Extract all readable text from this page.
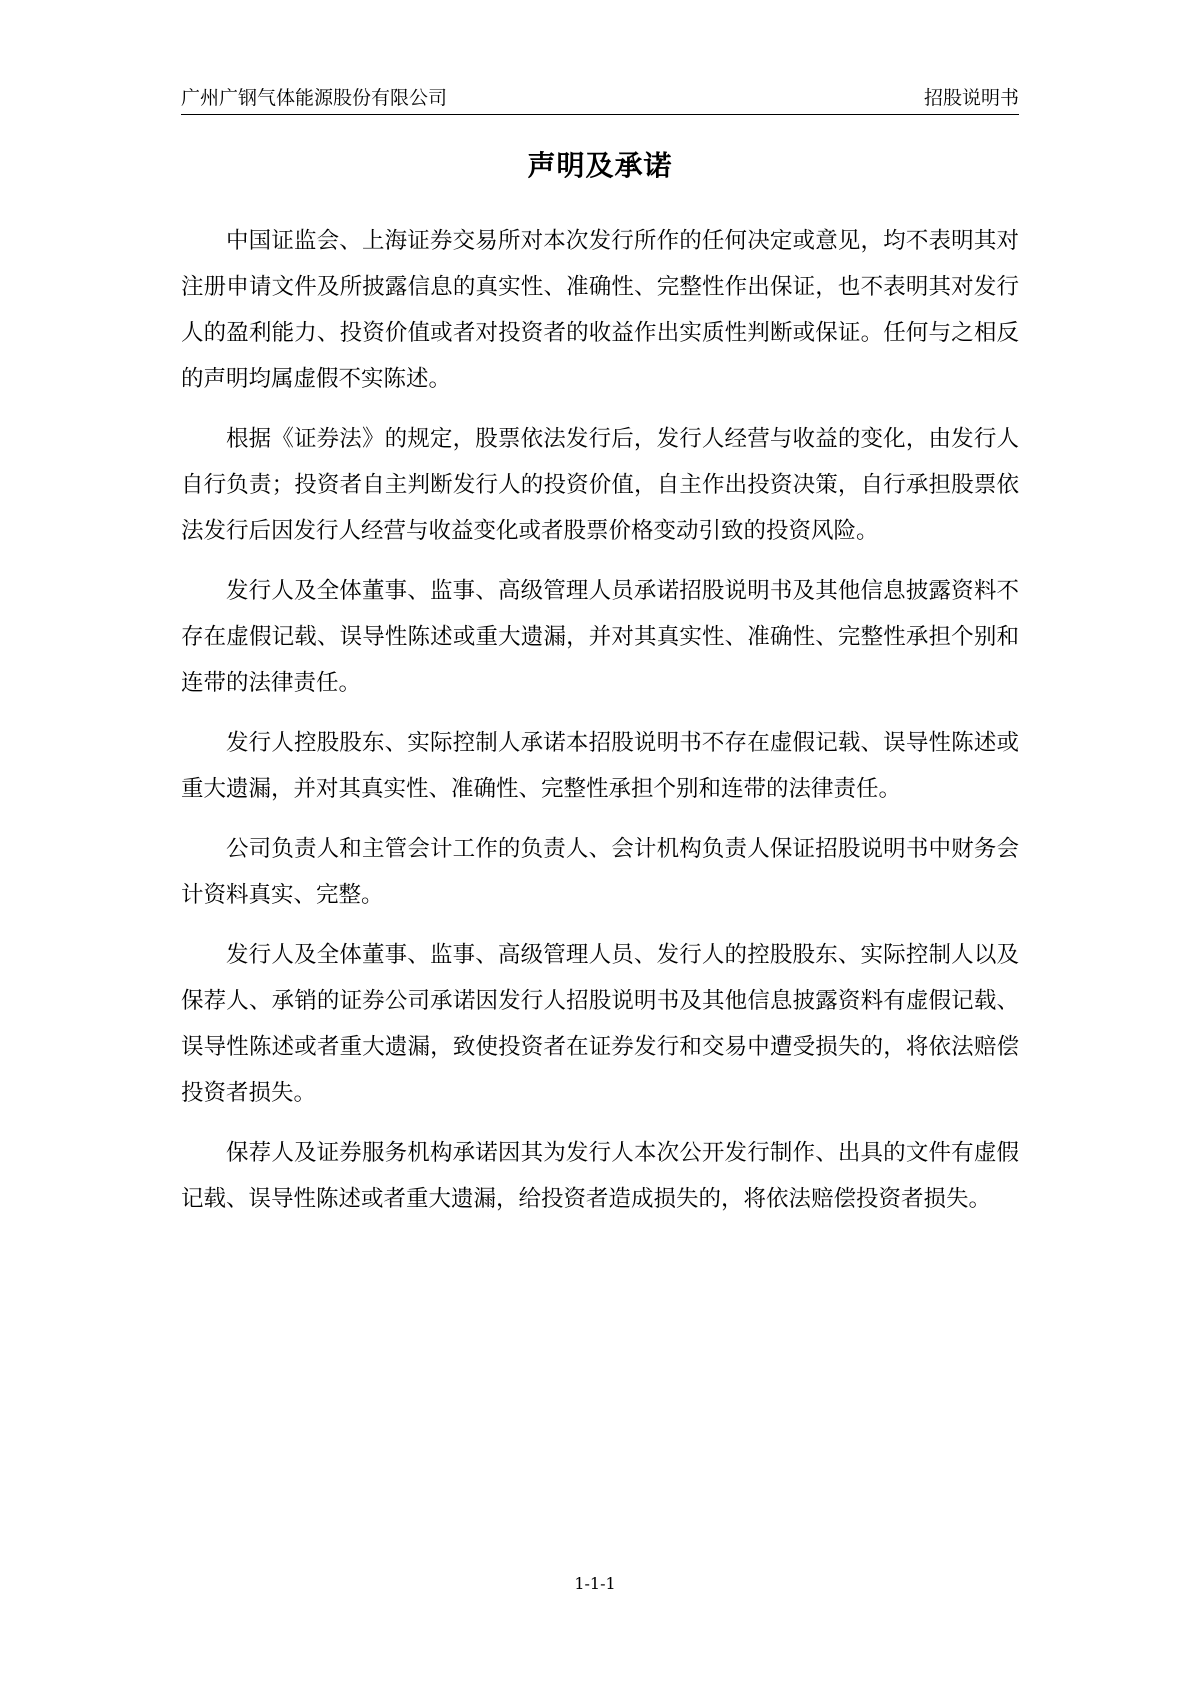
广州广钢气体能源股份有限公司	招股说明书
声明及承诺

中国证监会、上海证券交易所对本次发行所作的任何决定或意见，均不表明其对注册申请文件及所披露信息的真实性、准确性、完整性作出保证，也不表明其对发行人的盈利能力、投资价值或者对投资者的收益作出实质性判断或保证。任何与之相反的声明均属虚假不实陈述。

根据《证券法》的规定，股票依法发行后，发行人经营与收益的变化，由发行人自行负责；投资者自主判断发行人的投资价值，自主作出投资决策，自行承担股票依法发行后因发行人经营与收益变化或者股票价格变动引致的投资风险。

发行人及全体董事、监事、高级管理人员承诺招股说明书及其他信息披露资料不存在虚假记载、误导性陈述或重大遗漏，并对其真实性、准确性、完整性承担个别和连带的法律责任。

发行人控股股东、实际控制人承诺本招股说明书不存在虚假记载、误导性陈述或重大遗漏，并对其真实性、准确性、完整性承担个别和连带的法律责任。

公司负责人和主管会计工作的负责人、会计机构负责人保证招股说明书中财务会计资料真实、完整。

发行人及全体董事、监事、高级管理人员、发行人的控股股东、实际控制人以及保荐人、承销的证券公司承诺因发行人招股说明书及其他信息披露资料有虚假记载、误导性陈述或者重大遗漏，致使投资者在证券发行和交易中遭受损失的，将依法赔偿投资者损失。

保荐人及证券服务机构承诺因其为发行人本次公开发行制作、出具的文件有虚假记载、误导性陈述或者重大遗漏，给投资者造成损失的，将依法赔偿投资者损失。

1-1-1
